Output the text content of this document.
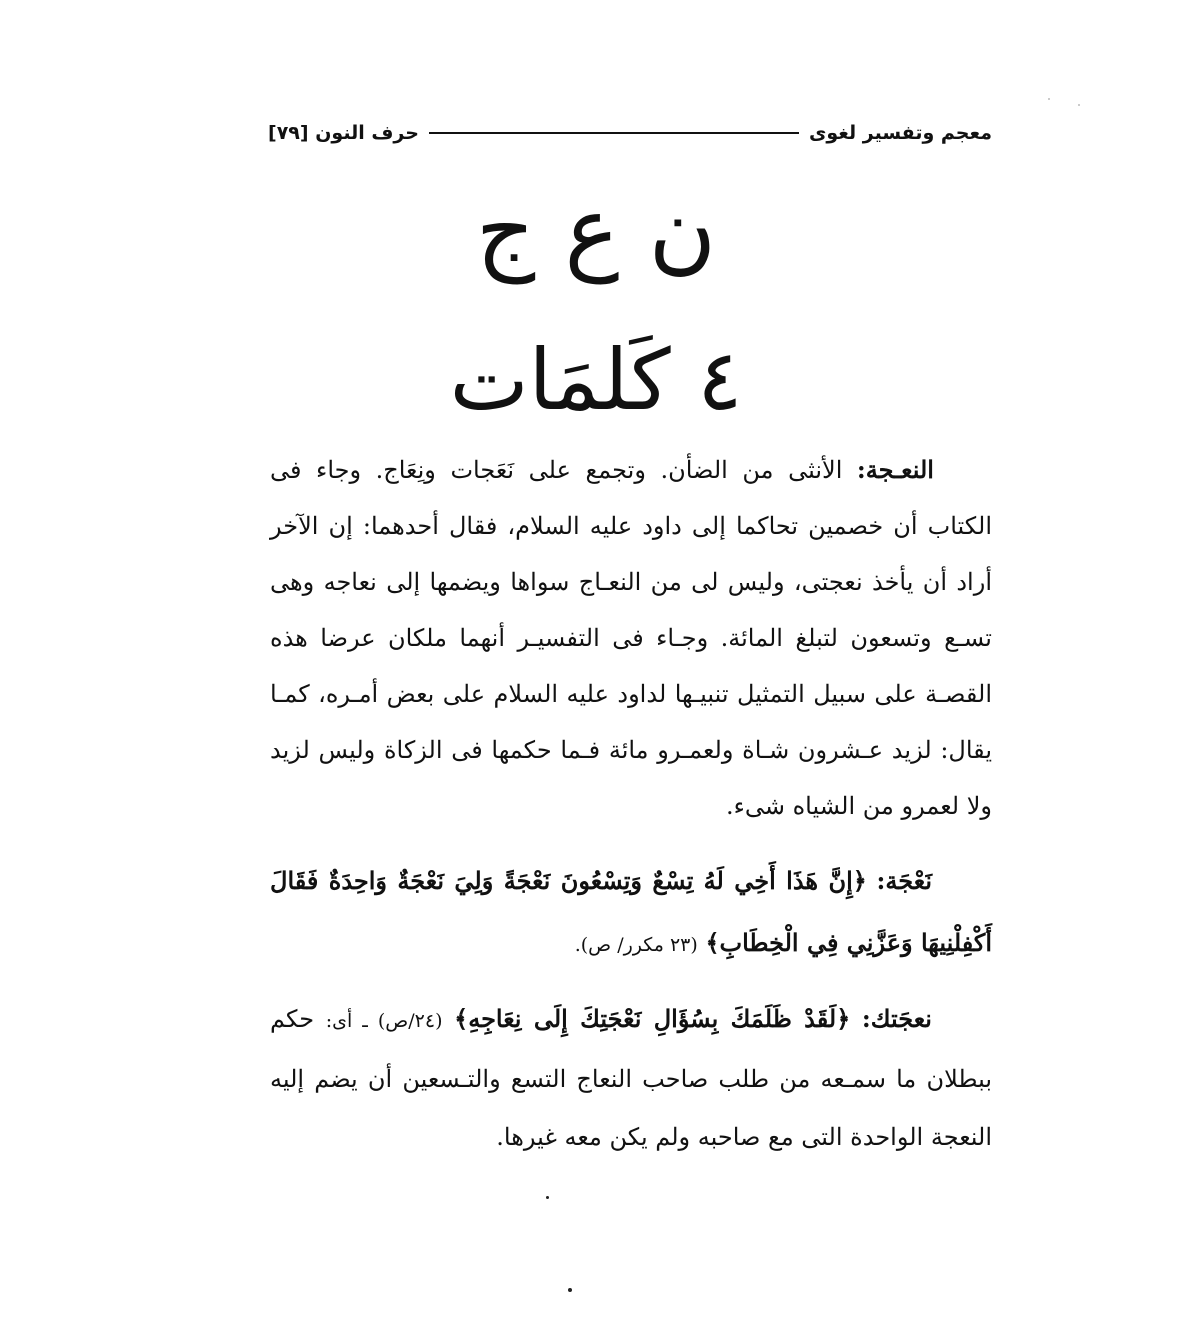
معجم وتفسير لغوى
حرف النون [٧٩]
ن ع ج
٤ كَلمَات

النعـجة: الأنثى من الضأن. وتجمع على نَعَجات ونِعَاج. وجاء فى الكتاب أن خصمين تحاكما إلى داود عليه السلام، فقال أحدهما: إن الآخر أراد أن يأخذ نعجتى، وليس لى من النعـاج سواها ويضمها إلى نعاجه وهى تسـع وتسعون لتبلغ المائة. وجـاء فى التفسيـر أنهما ملكان عرضا هذه القصـة على سبيل التمثيل تنبيـها لداود عليه السلام على بعض أمـره، كمـا يقال: لزيد عـشرون شـاة ولعمـرو مائة فـما حكمها فى الزكاة وليس لزيد ولا لعمرو من الشياه شىء.

نَعْجَة: ﴿إِنَّ هَذَا أَخِي لَهُ تِسْعٌ وَتِسْعُونَ نَعْجَةً وَلِيَ نَعْجَةٌ وَاحِدَةٌ فَقَالَ أَكْفِلْنِيهَا وَعَزَّنِي فِي الْخِطَابِ﴾ (٢٣ مكرر/ ص).

نعجَتك: ﴿لَقَدْ ظَلَمَكَ بِسُؤَالِ نَعْجَتِكَ إِلَى نِعَاجِهِ﴾ (٢٤/ص) ـ أى: حكم ببطلان ما سمـعه من طلب صاحب النعاج التسع والتـسعين أن يضم إليه النعجة الواحدة التى مع صاحبه ولم يكن معه غيرها.
